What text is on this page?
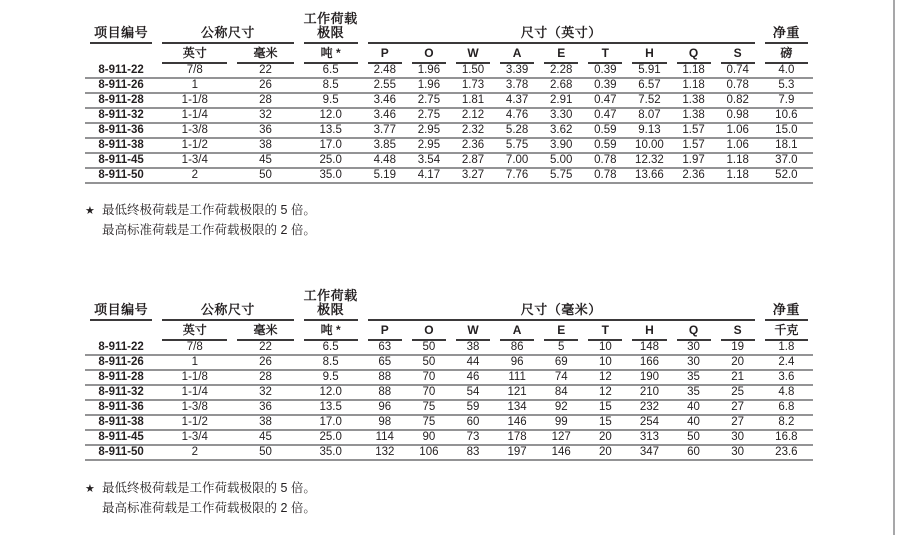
项目编号	公称尺寸		工作荷载
极限	尺寸（英寸）									净重

	英寸	毫米	吨 *	P	O	W	A	E	T	H	Q	S	磅

8-911-22	7/8	22	6.5	2.48	1.96	1.50	3.39	2.28	0.39	5.91	1.18	0.74	4.0
8-911-26	1	26	8.5	2.55	1.96	1.73	3.78	2.68	0.39	6.57	1.18	0.78	5.3
8-911-28	1-1/8	28	9.5	3.46	2.75	1.81	4.37	2.91	0.47	7.52	1.38	0.82	7.9
8-911-32	1-1/4	32	12.0	3.46	2.75	2.12	4.76	3.30	0.47	8.07	1.38	0.98	10.6
8-911-36	1-3/8	36	13.5	3.77	2.95	2.32	5.28	3.62	0.59	9.13	1.57	1.06	15.0
8-911-38	1-1/2	38	17.0	3.85	2.95	2.36	5.75	3.90	0.59	10.00	1.57	1.06	18.1
8-911-45	1-3/4	45	25.0	4.48	3.54	2.87	7.00	5.00	0.78	12.32	1.97	1.18	37.0
8-911-50	2	50	35.0	5.19	4.17	3.27	7.76	5.75	0.78	13.66	2.36	1.18	52.0
★ 最低终极荷载是工作荷载极限的 5 倍。
最高标准荷载是工作荷载极限的 2 倍。
项目编号	公称尺寸		工作荷载
极限	尺寸（毫米）									净重

	英寸	毫米	吨 *	P	O	W	A	E	T	H	Q	S	千克

8-911-22	7/8	22	6.5	63	50	38	86	5	10	148	30	19	1.8
8-911-26	1	26	8.5	65	50	44	96	69	10	166	30	20	2.4
8-911-28	1-1/8	28	9.5	88	70	46	111	74	12	190	35	21	3.6
8-911-32	1-1/4	32	12.0	88	70	54	121	84	12	210	35	25	4.8
8-911-36	1-3/8	36	13.5	96	75	59	134	92	15	232	40	27	6.8
8-911-38	1-1/2	38	17.0	98	75	60	146	99	15	254	40	27	8.2
8-911-45	1-3/4	45	25.0	114	90	73	178	127	20	313	50	30	16.8
8-911-50	2	50	35.0	132	106	83	197	146	20	347	60	30	23.6
★ 最低终极荷载是工作荷载极限的 5 倍。
最高标准荷载是工作荷载极限的 2 倍。
